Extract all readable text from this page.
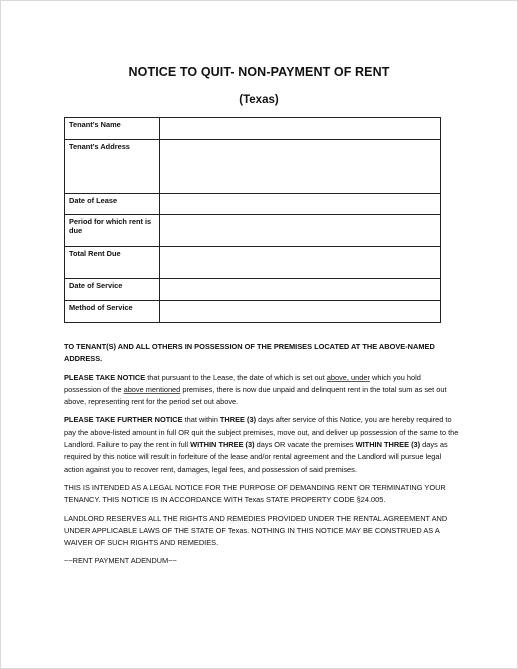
NOTICE TO QUIT- NON-PAYMENT OF RENT
(Texas)
Tenant’s Name	
Tenant’s Address	
Date of Lease	
Period for which rent is due	
Total Rent Due	
Date of Service	
Method of Service	

TO TENANT(S) AND ALL OTHERS IN POSSESSION OF THE PREMISES LOCATED AT THE ABOVE-NAMED ADDRESS.

PLEASE TAKE NOTICE that pursuant to the Lease, the date of which is set out above, under which you hold possession of the above mentioned premises, there is now due unpaid and delinquent rent in the total sum as set out above, representing rent for the period set out above.

PLEASE TAKE FURTHER NOTICE that within THREE (3) days after service of this Notice, you are hereby required to pay the above-listed amount in full OR quit the subject premises, move out, and deliver up possession of the same to the Landlord. Failure to pay the rent in full WITHIN THREE (3) days OR vacate the premises WITHIN THREE (3) days as required by this notice will result in forfeiture of the lease and/or rental agreement and the Landlord will pursue legal action against you to recover rent, damages, legal fees, and possession of said premises.

THIS IS INTENDED AS A LEGAL NOTICE FOR THE PURPOSE OF DEMANDING RENT OR TERMINATING YOUR TENANCY. THIS NOTICE IS IN ACCORDANCE WITH Texas STATE PROPERTY CODE §24.005.

LANDLORD RESERVES ALL THE RIGHTS AND REMEDIES PROVIDED UNDER THE RENTAL AGREEMENT AND UNDER APPLICABLE LAWS OF THE STATE OF Texas. NOTHING IN THIS NOTICE MAY BE CONSTRUED AS A WAIVER OF SUCH RIGHTS AND REMEDIES.

~~RENT PAYMENT ADENDUM~~
